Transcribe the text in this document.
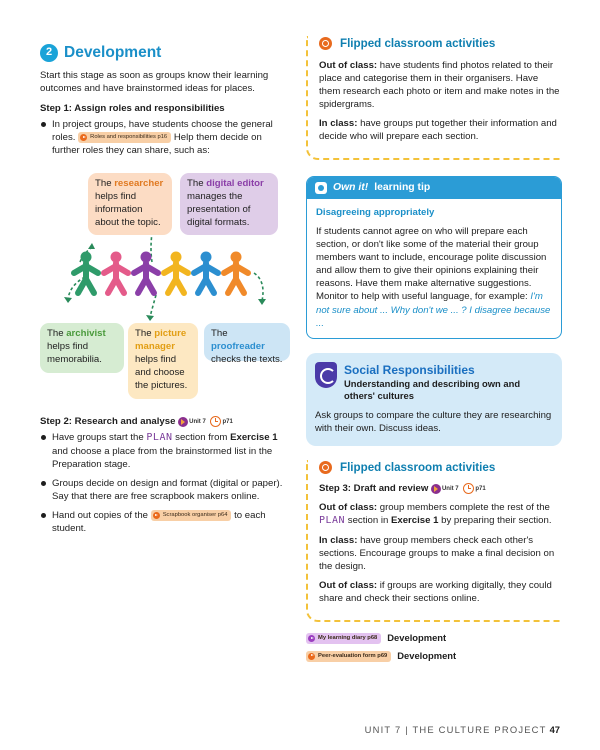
2 Development

Start this stage as soon as groups know their learning outcomes and have brainstormed ideas for places.

Step 1: Assign roles and responsibilities

In project groups, have students choose the general roles.	Roles and responsibilities p16 Help them decide on further roles they can share, such as:
The researcher helps find information about the topic.
The digital editor manages the presentation of digital formats.
The archivist helps find memorabilia.
The picture manager helps find and choose the pictures.
The proofreader checks the texts.

Step 2: Research and analyse Unit 7	p71

Have groups start the PLAN section from Exercise 1 and choose a place from the brainstormed list in the Preparation stage.
Groups decide on design and format (digital or paper). Say that there are free scrapbook makers online.
Hand out copies of the	Scrapbook organiser p64 to each student.
Flipped classroom activities

Out of class: have students find photos related to their place and categorise them in their organisers. Have them research each photo or item and make notes in the spidergrams.

In class: have groups put together their information and decide who will prepare each section.

Own it! learning tip

Disagreeing appropriately

If students cannot agree on who will prepare each section, or don't like some of the material their group members want to include, encourage polite discussion and allow them to give their opinions explaining their reasons. Have them make alternative suggestions. Monitor to help with useful language, for example: I'm not sure about ... Why don't we ... ? I disagree because ...

Social Responsibilities
Understanding and describing own and others' cultures

Ask groups to compare the culture they are researching with their own. Discuss ideas.

Flipped classroom activities

Step 3: Draft and review Unit 7	p71

Out of class: group members complete the rest of the PLAN section in Exercise 1 by preparing their section.

In class: have group members check each other's sections. Encourage groups to make a final decision on the design.

Out of class: if groups are working digitally, they could share and check their sections online.

My learning diary p68 Development
Peer-evaluation form p69 Development
UNIT 7 | THE CULTURE PROJECT 47
